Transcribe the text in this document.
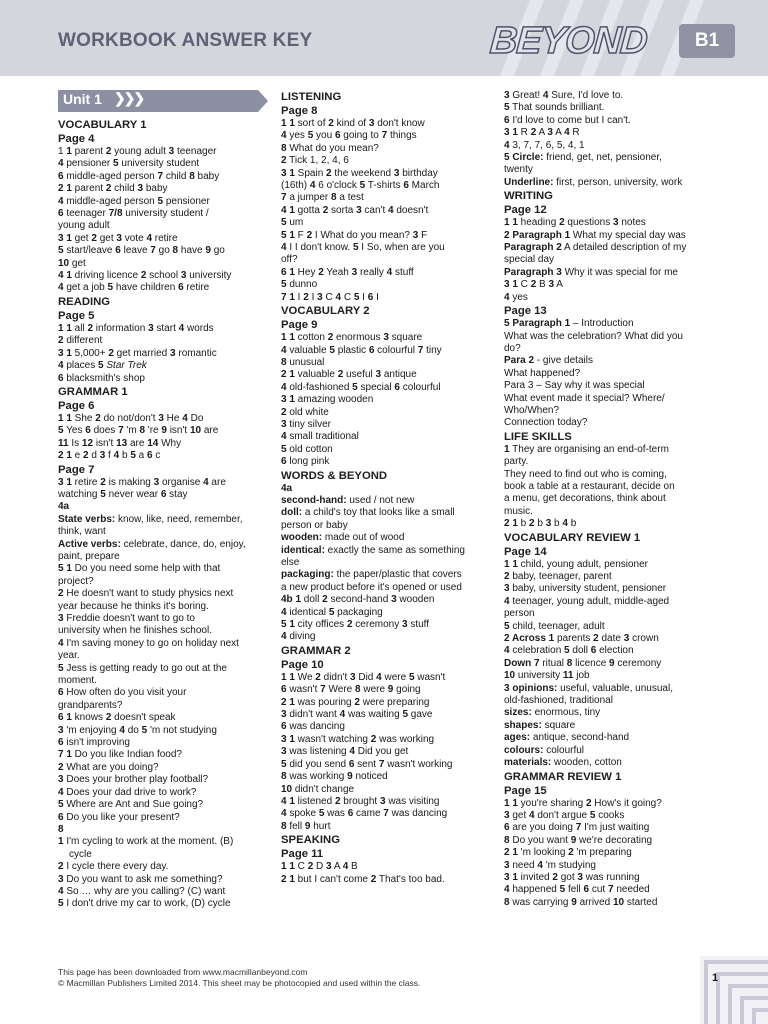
WORKBOOK ANSWER KEY	BEYOND	B1
Unit 1 ❯❯❯

VOCABULARY 1

Page 4

1 1 parent 2 young adult 3 teenager

4 pensioner 5 university student

6 middle-aged person 7 child 8 baby

2 1 parent 2 child 3 baby

4 middle-aged person 5 pensioner

6 teenager 7/8 university student /

young adult

3 1 get 2 get 3 vote 4 retire

5 start/leave 6 leave 7 go 8 have 9 go

10 get

4 1 driving licence 2 school 3 university

4 get a job 5 have children 6 retire

READING

Page 5

1 1 all 2 information 3 start 4 words

2 different

3 1 5,000+ 2 get married 3 romantic

4 places 5 Star Trek

6 blacksmith's shop

GRAMMAR 1

Page 6

1 1 She 2 do not/don't 3 He 4 Do

5 Yes 6 does 7 'm 8 're 9 isn't 10 are

11 Is 12 isn't 13 are 14 Why

2 1 e 2 d 3 f 4 b 5 a 6 c

Page 7

3 1 retire 2 is making 3 organise 4 are

watching 5 never wear 6 stay

4a

State verbs: know, like, need, remember,

think, want

Active verbs: celebrate, dance, do, enjoy,

paint, prepare

5 1 Do you need some help with that

project?

2 He doesn't want to study physics next

year because he thinks it's boring.

3 Freddie doesn't want to go to

university when he finishes school.

4 I'm saving money to go on holiday next

year.

5 Jess is getting ready to go out at the

moment.

6 How often do you visit your

grandparents?

6 1 knows 2 doesn't speak

3 'm enjoying 4 do 5 'm not studying

6 isn't improving

7 1 Do you like Indian food?

2 What are you doing?

3 Does your brother play football?

4 Does your dad drive to work?

5 Where are Ant and Sue going?

6 Do you like your present?

8

1 I'm cycling to work at the moment. (B)

cycle

2 I cycle there every day.

3 Do you want to ask me something?

4 So … why are you calling? (C) want

5 I don't drive my car to work, (D) cycle

LISTENING

Page 8

1 1 sort of 2 kind of 3 don't know

4 yes 5 you 6 going to 7 things

8 What do you mean?

2 Tick 1, 2, 4, 6

3 1 Spain 2 the weekend 3 birthday

(16th) 4 6 o'clock 5 T-shirts 6 March

7 a jumper 8 a test

4 1 gotta 2 sorta 3 can't 4 doesn't

5 um

5 1 F 2 I What do you mean? 3 F

4 I I don't know. 5 I So, when are you

off?

6 1 Hey 2 Yeah 3 really 4 stuff

5 dunno

7 1 I 2 I 3 C 4 C 5 I 6 I

VOCABULARY 2

Page 9

1 1 cotton 2 enormous 3 square

4 valuable 5 plastic 6 colourful 7 tiny

8 unusual

2 1 valuable 2 useful 3 antique

4 old-fashioned 5 special 6 colourful

3 1 amazing wooden

2 old white

3 tiny silver

4 small traditional

5 old cotton

6 long pink

WORDS & BEYOND

4a

second-hand: used / not new

doll: a child's toy that looks like a small

person or baby

wooden: made out of wood

identical: exactly the same as something

else

packaging: the paper/plastic that covers

a new product before it's opened or used

4b 1 doll 2 second-hand 3 wooden

4 identical 5 packaging

5 1 city offices 2 ceremony 3 stuff

4 diving

GRAMMAR 2

Page 10

1 1 We 2 didn't 3 Did 4 were 5 wasn't

6 wasn't 7 Were 8 were 9 going

2 1 was pouring 2 were preparing

3 didn't want 4 was waiting 5 gave

6 was dancing

3 1 wasn't watching 2 was working

3 was listening 4 Did you get

5 did you send 6 sent 7 wasn't working

8 was working 9 noticed

10 didn't change

4 1 listened 2 brought 3 was visiting

4 spoke 5 was 6 came 7 was dancing

8 fell 9 hurt

SPEAKING

Page 11

1 1 C 2 D 3 A 4 B

2 1 but I can't come 2 That's too bad.

3 Great! 4 Sure, I'd love to.

5 That sounds brilliant.

6 I'd love to come but I can't.

3 1 R 2 A 3 A 4 R

4 3, 7, 7, 6, 5, 4, 1

5 Circle: friend, get, net, pensioner,

twenty

Underline: first, person, university, work

WRITING

Page 12

1 1 heading 2 questions 3 notes

2 Paragraph 1 What my special day was

Paragraph 2 A detailed description of my

special day

Paragraph 3 Why it was special for me

3 1 C 2 B 3 A

4 yes

Page 13

5 Paragraph 1 – Introduction

What was the celebration? What did you

do?

Para 2 - give details

What happened?

Para 3 – Say why it was special

What event made it special? Where/

Who/When?

Connection today?

LIFE SKILLS

1 They are organising an end-of-term

party.

They need to find out who is coming,

book a table at a restaurant, decide on

a menu, get decorations, think about

music.

2 1 b 2 b 3 b 4 b

VOCABULARY REVIEW 1

Page 14

1 1 child, young adult, pensioner

2 baby, teenager, parent

3 baby, university student, pensioner

4 teenager, young adult, middle-aged

person

5 child, teenager, adult

2 Across 1 parents 2 date 3 crown

4 celebration 5 doll 6 election

Down 7 ritual 8 licence 9 ceremony

10 university 11 job

3 opinions: useful, valuable, unusual,

old-fashioned, traditional

sizes: enormous, tiny

shapes: square

ages: antique, second-hand

colours: colourful

materials: wooden, cotton

GRAMMAR REVIEW 1

Page 15

1 1 you're sharing 2 How's it going?

3 get 4 don't argue 5 cooks

6 are you doing 7 I'm just waiting

8 Do you want 9 we're decorating

2 1 'm looking 2 'm preparing

3 need 4 'm studying

3 1 invited 2 got 3 was running

4 happened 5 fell 6 cut 7 needed

8 was carrying 9 arrived 10 started

This page has been downloaded from www.macmillanbeyond.com
© Macmillan Publishers Limited 2014. This sheet may be photocopied and used within the class.	1
